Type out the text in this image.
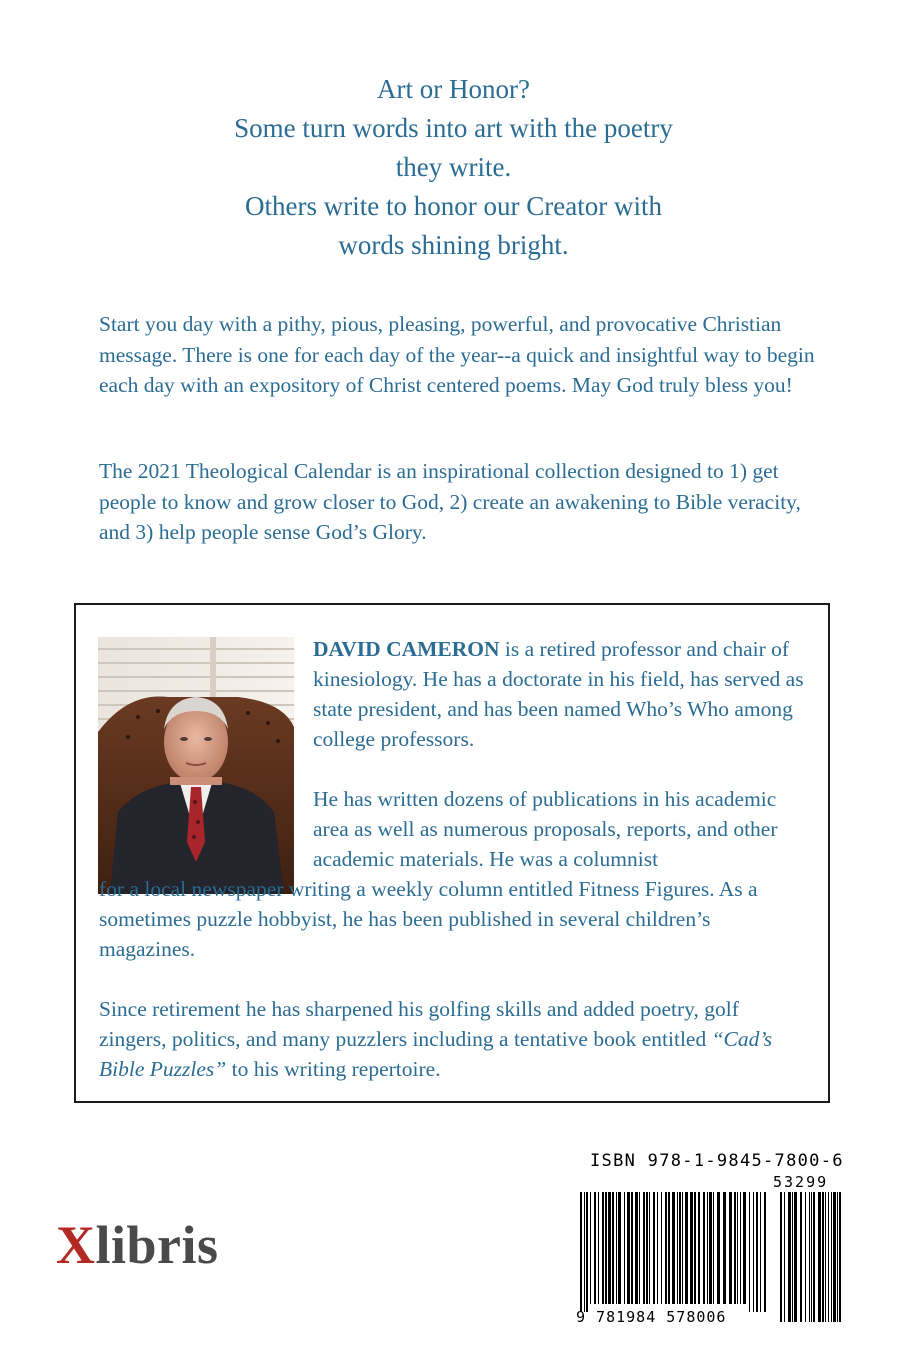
Art or Honor?
Some turn words into art with the poetry
they write.
Others write to honor our Creator with
words shining bright.
Start you day with a pithy, pious, pleasing, powerful, and provocative Christian message. There is one for each day of the year--a quick and insightful way to begin each day with an expository of Christ centered poems. May God truly bless you!
The 2021 Theological Calendar is an inspirational collection designed to 1) get people to know and grow closer to God, 2) create an awakening to Bible veracity, and 3) help people sense God’s Glory.
DAVID CAMERON is a retired professor and chair of kinesiology. He has a doctorate in his field, has served as state president, and has been named Who’s Who among college professors.
He has written dozens of publications in his academic area as well as numerous proposals, reports, and other academic materials. He was a columnist
for a local newspaper writing a weekly column entitled Fitness Figures. As a sometimes puzzle hobbyist, he has been published in several children’s magazines.
Since retirement he has sharpened his golfing skills and added poetry, golf zingers, politics, and many puzzlers including a tentative book entitled “Cad’s Bible Puzzles” to his writing repertoire.
Xlibris
ISBN 978-1-9845-7800-6
53299
9 781984 578006
